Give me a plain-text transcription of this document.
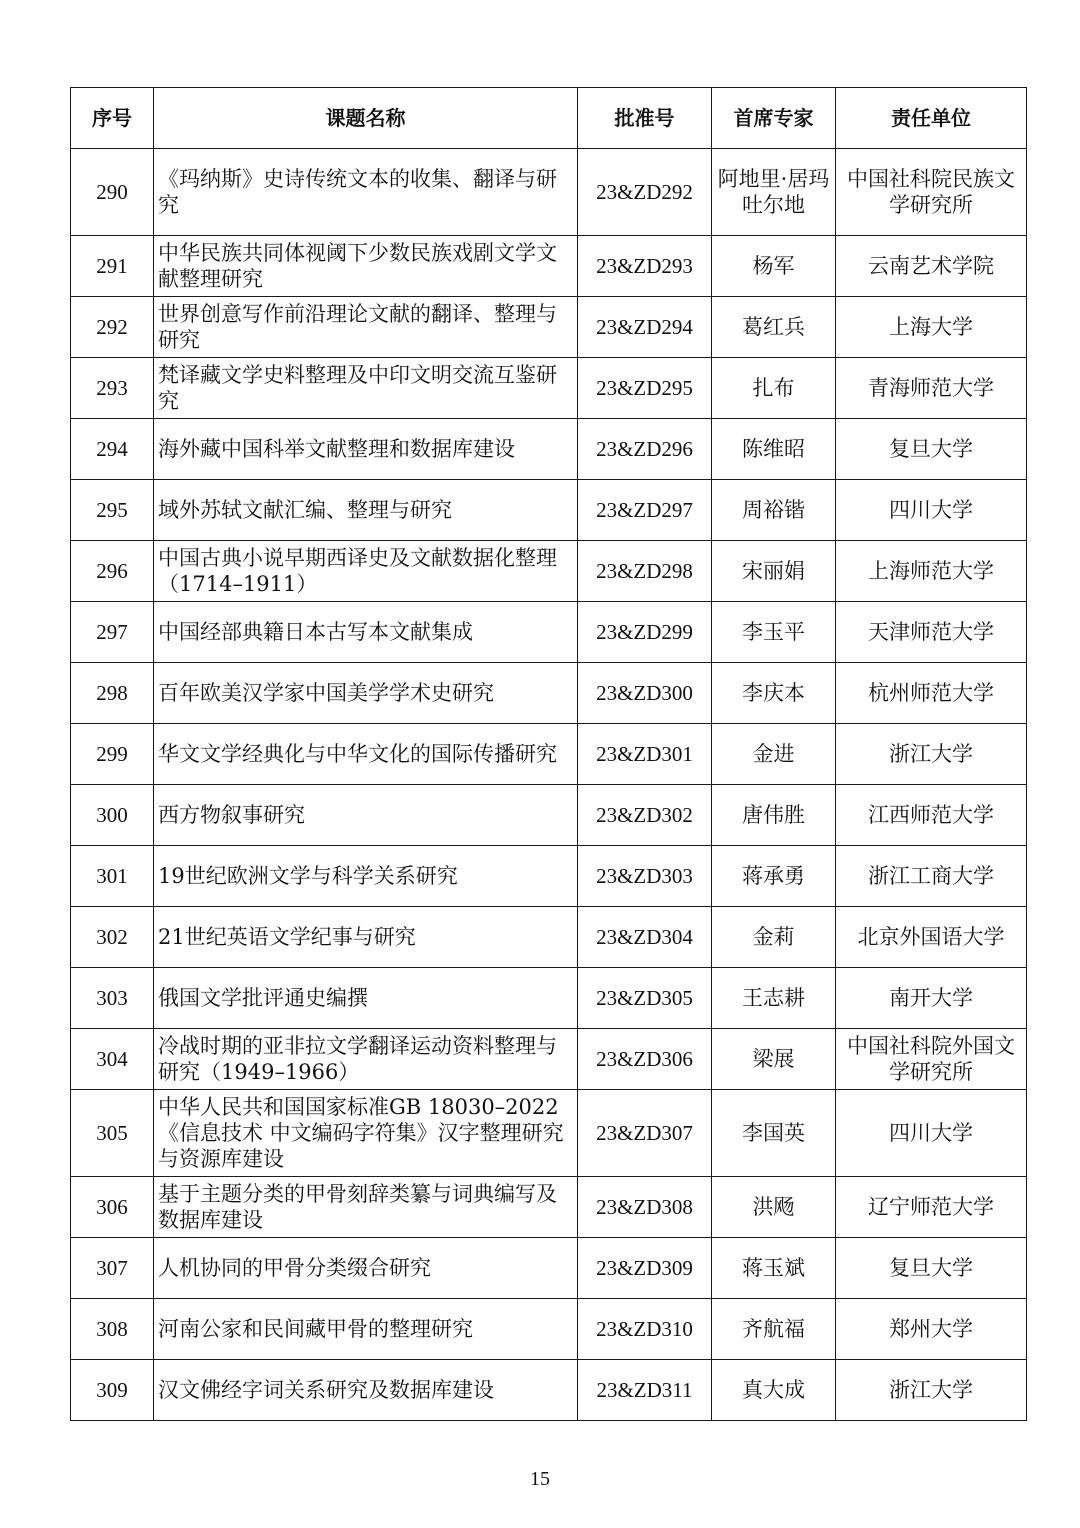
序号	课题名称	批准号	首席专家	责任单位
290	《玛纳斯》史诗传统文本的收集、翻译与研究	23&ZD292	阿地里·居玛吐尔地	中国社科院民族文学研究所
291	中华民族共同体视阈下少数民族戏剧文学文献整理研究	23&ZD293	杨军	云南艺术学院
292	世界创意写作前沿理论文献的翻译、整理与研究	23&ZD294	葛红兵	上海大学
293	梵译藏文学史料整理及中印文明交流互鉴研究	23&ZD295	扎布	青海师范大学
294	海外藏中国科举文献整理和数据库建设	23&ZD296	陈维昭	复旦大学
295	域外苏轼文献汇编、整理与研究	23&ZD297	周裕锴	四川大学
296	中国古典小说早期西译史及文献数据化整理（1714–1911）	23&ZD298	宋丽娟	上海师范大学
297	中国经部典籍日本古写本文献集成	23&ZD299	李玉平	天津师范大学
298	百年欧美汉学家中国美学学术史研究	23&ZD300	李庆本	杭州师范大学
299	华文文学经典化与中华文化的国际传播研究	23&ZD301	金进	浙江大学
300	西方物叙事研究	23&ZD302	唐伟胜	江西师范大学
301	19世纪欧洲文学与科学关系研究	23&ZD303	蒋承勇	浙江工商大学
302	21世纪英语文学纪事与研究	23&ZD304	金莉	北京外国语大学
303	俄国文学批评通史编撰	23&ZD305	王志耕	南开大学
304	冷战时期的亚非拉文学翻译运动资料整理与研究（1949–1966）	23&ZD306	梁展	中国社科院外国文学研究所
305	中华人民共和国国家标准GB 18030–2022《信息技术 中文编码字符集》汉字整理研究与资源库建设	23&ZD307	李国英	四川大学
306	基于主题分类的甲骨刻辞类纂与词典编写及数据库建设	23&ZD308	洪飏	辽宁师范大学
307	人机协同的甲骨分类缀合研究	23&ZD309	蒋玉斌	复旦大学
308	河南公家和民间藏甲骨的整理研究	23&ZD310	齐航福	郑州大学
309	汉文佛经字词关系研究及数据库建设	23&ZD311	真大成	浙江大学
15
